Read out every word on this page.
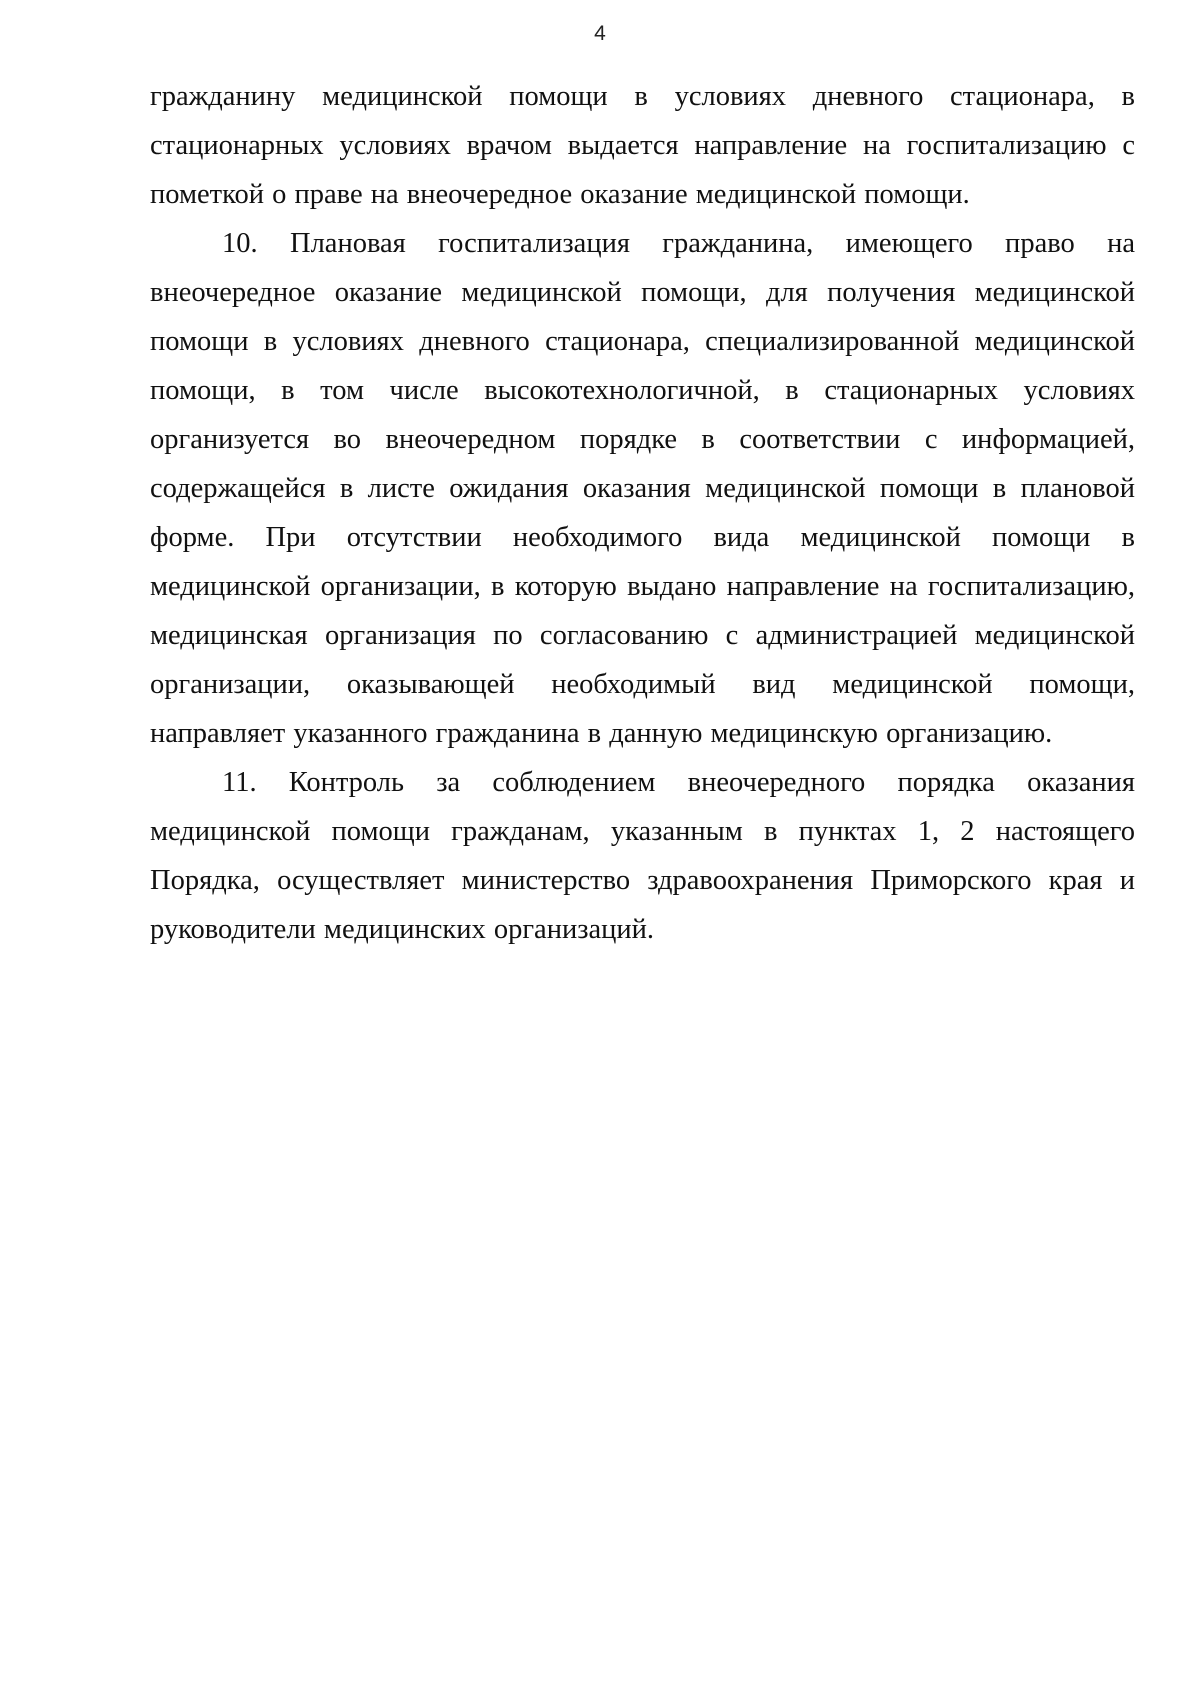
4

гражданину медицинской помощи в условиях дневного стационара, в стационарных условиях врачом выдается направление на госпитализацию с пометкой о праве на внеочередное оказание медицинской помощи.

10. Плановая госпитализация гражданина, имеющего право на внеочередное оказание медицинской помощи, для получения медицинской помощи в условиях дневного стационара, специализированной медицинской помощи, в том числе высокотехнологичной, в стационарных условиях организуется во внеочередном порядке в соответствии с информацией, содержащейся в листе ожидания оказания медицинской помощи в плановой форме. При отсутствии необходимого вида медицинской помощи в медицинской организации, в которую выдано направление на госпитализацию, медицинская организация по согласованию с администрацией медицинской организации, оказывающей необходимый вид медицинской помощи, направляет указанного гражданина в данную медицинскую организацию.

11. Контроль за соблюдением внеочередного порядка оказания медицинской помощи гражданам, указанным в пунктах 1, 2 настоящего Порядка, осуществляет министерство здравоохранения Приморского края и руководители медицинских организаций.
